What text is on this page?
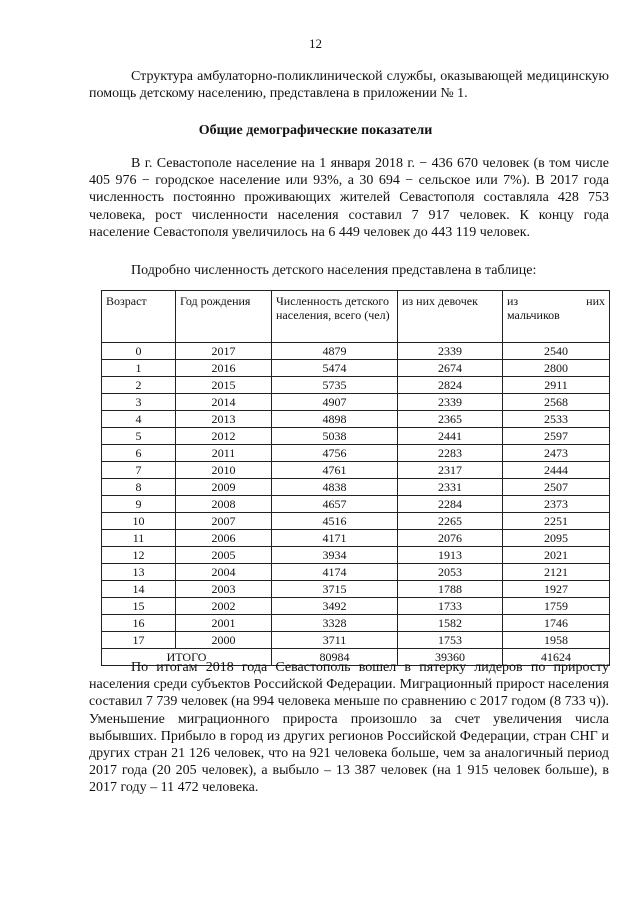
12

Структура амбулаторно-поликлинической службы, оказывающей медицинскую помощь детскому населению, представлена в приложении № 1.

Общие демографические показатели

В г. Севастополе население на 1 января 2018 г. − 436 670 человек (в том числе 405 976 − городское население или 93%, а 30 694 − сельское или 7%). В 2017 года численность постоянно проживающих жителей Севастополя составляла 428 753 человека, рост численности населения составил 7 917 человек. К концу года население Севастополя увеличилось на 6 449 человек до 443 119 человек.

Подробно численность детского населения представлена в таблице:

Возраст	Год рождения	Численность детского населения, всего (чел)	из них девочек	из них
мальчиков

0	2017	4879	2339	2540
1	2016	5474	2674	2800
2	2015	5735	2824	2911
3	2014	4907	2339	2568
4	2013	4898	2365	2533
5	2012	5038	2441	2597
6	2011	4756	2283	2473
7	2010	4761	2317	2444
8	2009	4838	2331	2507
9	2008	4657	2284	2373
10	2007	4516	2265	2251
11	2006	4171	2076	2095
12	2005	3934	1913	2021
13	2004	4174	2053	2121
14	2003	3715	1788	1927
15	2002	3492	1733	1759
16	2001	3328	1582	1746
17	2000	3711	1753	1958
ИТОГО		80984	39360	41624

По итогам 2018 года Севастополь вошел в пятерку лидеров по приросту населения среди субъектов Российской Федерации. Миграционный прирост населения составил 7 739 человек (на 994 человека меньше по сравнению с 2017 годом (8 733 ч)). Уменьшение миграционного прироста произошло за счет увеличения числа выбывших. Прибыло в город из других регионов Российской Федерации, стран СНГ и других стран 21 126 человек, что на 921 человека больше, чем за аналогичный период 2017 года (20 205 человек), а выбыло – 13 387 человек (на 1 915 человек больше), в 2017 году – 11 472 человека.
